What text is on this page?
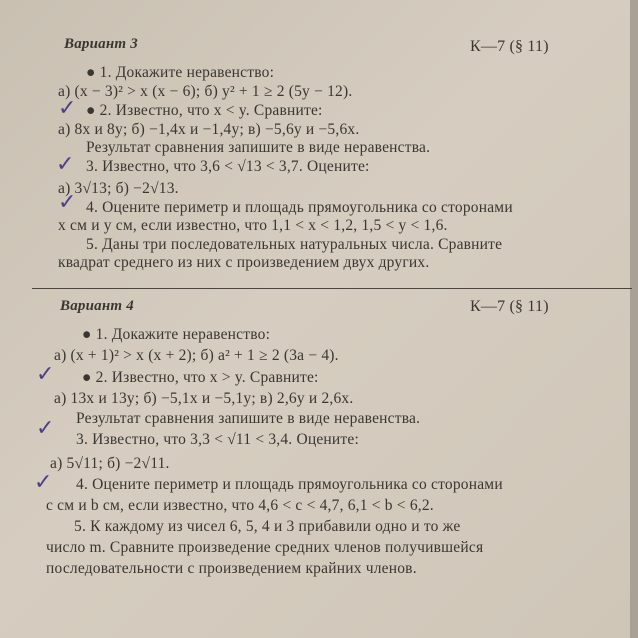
Вариант 3	К—7 (§ 11)
● 1. Докажите неравенство:
а) (x − 3)² > x (x − 6); б) y² + 1 ≥ 2 (5y − 12).
● 2. Известно, что x < y. Сравните:
а) 8x и 8y; б) −1,4x и −1,4y; в) −5,6y и −5,6x.
Результат сравнения запишите в виде неравенства.
3. Известно, что 3,6 < √13 < 3,7. Оцените:
а) 3√13; б) −2√13.
4. Оцените периметр и площадь прямоугольника со сторонами
x см и y см, если известно, что 1,1 < x < 1,2, 1,5 < y < 1,6.
5. Даны три последовательных натуральных числа. Сравните
квадрат среднего из них с произведением двух других.
Вариант 4	К—7 (§ 11)
● 1. Докажите неравенство:
а) (x + 1)² > x (x + 2); б) a² + 1 ≥ 2 (3a − 4).
● 2. Известно, что x > y. Сравните:
а) 13x и 13y; б) −5,1x и −5,1y; в) 2,6y и 2,6x.
Результат сравнения запишите в виде неравенства.
3. Известно, что 3,3 < √11 < 3,4. Оцените:
а) 5√11; б) −2√11.
4. Оцените периметр и площадь прямоугольника со сторонами
c см и b см, если известно, что 4,6 < c < 4,7, 6,1 < b < 6,2.
5. К каждому из чисел 6, 5, 4 и 3 прибавили одно и то же
число m. Сравните произведение средних членов получившейся
последовательности с произведением крайних членов.
✓
✓
✓
✓
✓
✓
